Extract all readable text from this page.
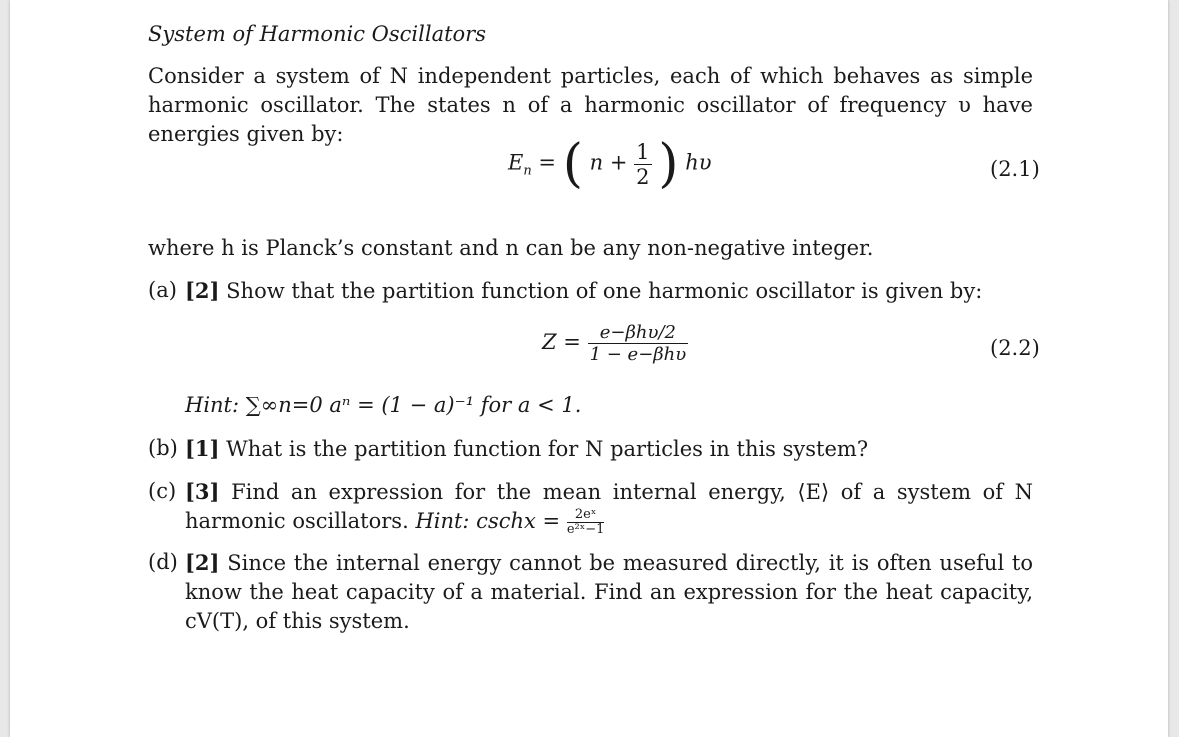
System of Harmonic Oscillators
Consider a system of N independent particles, each of which behaves as simple harmonic oscillator. The states n of a harmonic oscillator of frequency υ have energies given by:
$E_n$ = ( $n + \frac{1}{2}$ ) hυ	(2.1)
where h is Planck’s constant and n can be any non-negative integer.
(a) [2] Show that the partition function of one harmonic oscillator is given by:
$Z = \frac{\text{e−βhυ/2}}{\text{1 − e−βhυ}}$	(2.2)
Hint: ∑∞n=0 aⁿ = (1 − a)⁻¹ for a < 1.
(b) [1] What is the partition function for N particles in this system?
(c) [3] Find an expression for the mean internal energy, ⟨E⟩ of a system of N harmonic oscillators. Hint: cschx = $\frac{\text{2eˣ}}{\text{e²ˣ−1}}$
(d) [2] Since the internal energy cannot be measured directly, it is often useful to know the heat capacity of a material. Find an expression for the heat capacity, cV(T), of this system.
